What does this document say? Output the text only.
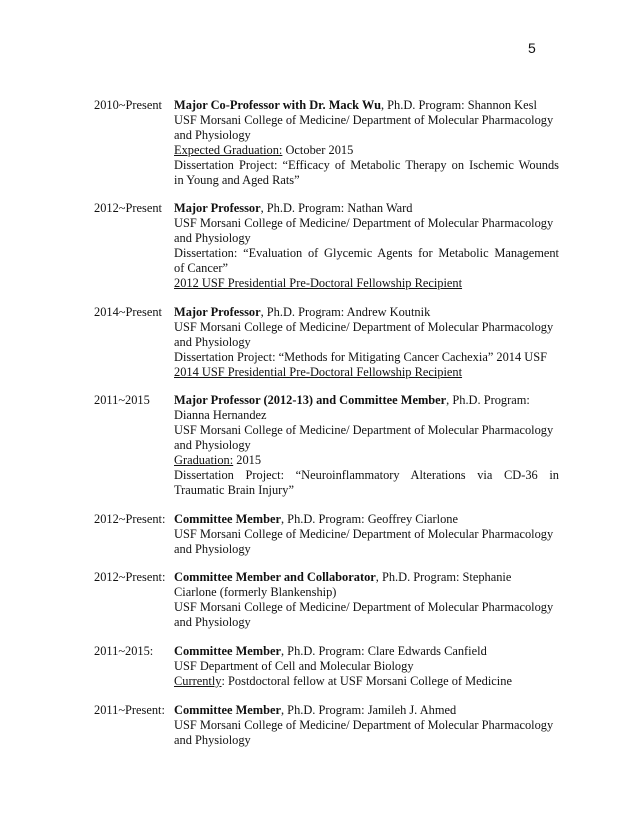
5
2010~Present Major Co-Professor with Dr. Mack Wu, Ph.D. Program: Shannon Kesl
USF Morsani College of Medicine/ Department of Molecular Pharmacology
and Physiology
Expected Graduation: October 2015
Dissertation Project: “Efficacy of Metabolic Therapy on Ischemic Wounds
in Young and Aged Rats”
2012~Present Major Professor, Ph.D. Program: Nathan Ward
USF Morsani College of Medicine/ Department of Molecular Pharmacology
and Physiology
Dissertation: “Evaluation of Glycemic Agents for Metabolic Management
of Cancer”
2012 USF Presidential Pre-Doctoral Fellowship Recipient
2014~Present Major Professor, Ph.D. Program: Andrew Koutnik
USF Morsani College of Medicine/ Department of Molecular Pharmacology
and Physiology
Dissertation Project: “Methods for Mitigating Cancer Cachexia” 2014 USF
2014 USF Presidential Pre-Doctoral Fellowship Recipient
2011~2015 Major Professor (2012-13) and Committee Member, Ph.D. Program:
Dianna Hernandez
USF Morsani College of Medicine/ Department of Molecular Pharmacology
and Physiology
Graduation: 2015
Dissertation Project: “Neuroinflammatory Alterations via CD-36 in
Traumatic Brain Injury”
2012~Present: Committee Member, Ph.D. Program: Geoffrey Ciarlone
USF Morsani College of Medicine/ Department of Molecular Pharmacology
and Physiology
2012~Present: Committee Member and Collaborator, Ph.D. Program: Stephanie
Ciarlone (formerly Blankenship)
USF Morsani College of Medicine/ Department of Molecular Pharmacology
and Physiology
2011~2015: Committee Member, Ph.D. Program: Clare Edwards Canfield
USF Department of Cell and Molecular Biology
Currently: Postdoctoral fellow at USF Morsani College of Medicine
2011~Present: Committee Member, Ph.D. Program: Jamileh J. Ahmed
USF Morsani College of Medicine/ Department of Molecular Pharmacology
and Physiology
